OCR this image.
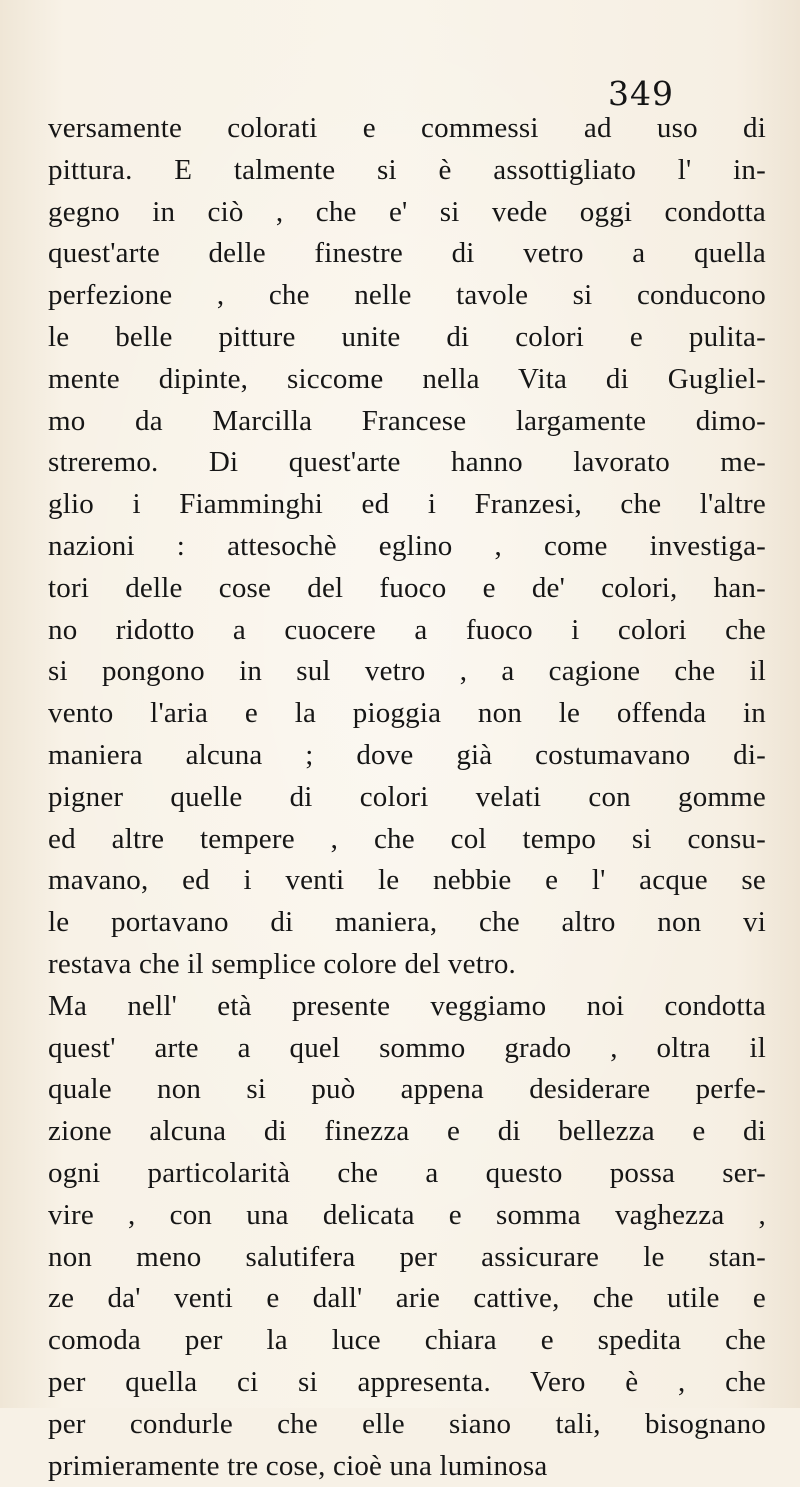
349
versamente colorati e commessi ad uso di
pittura. E talmente si è assottigliato l' in-
gegno in ciò , che e' si vede oggi condotta
quest'arte delle finestre di vetro a quella
perfezione , che nelle tavole si conducono
le belle pitture unite di colori e pulita-
mente dipinte, siccome nella Vita di Gugliel-
mo da Marcilla Francese largamente dimo-
streremo. Di quest'arte hanno lavorato me-
glio i Fiamminghi ed i Franzesi, che l'altre
nazioni : attesochè eglino , come investiga-
tori delle cose del fuoco e de' colori, han-
no ridotto a cuocere a fuoco i colori che
si pongono in sul vetro , a cagione che il
vento l'aria e la pioggia non le offenda in
maniera alcuna ; dove già costumavano di-
pigner quelle di colori velati con gomme
ed altre tempere , che col tempo si consu-
mavano, ed i venti le nebbie e l' acque se
le portavano di maniera, che altro non vi
restava che il semplice colore del vetro.
Ma nell' età presente veggiamo noi condotta
quest' arte a quel sommo grado , oltra il
quale non si può appena desiderare perfe-
zione alcuna di finezza e di bellezza e di
ogni particolarità che a questo possa ser-
vire , con una delicata e somma vaghezza ,
non meno salutifera per assicurare le stan-
ze da' venti e dall' arie cattive, che utile e
comoda per la luce chiara e spedita che
per quella ci si appresenta. Vero è , che
per condurle che elle siano tali, bisognano
primieramente tre cose, cioè una luminosa
